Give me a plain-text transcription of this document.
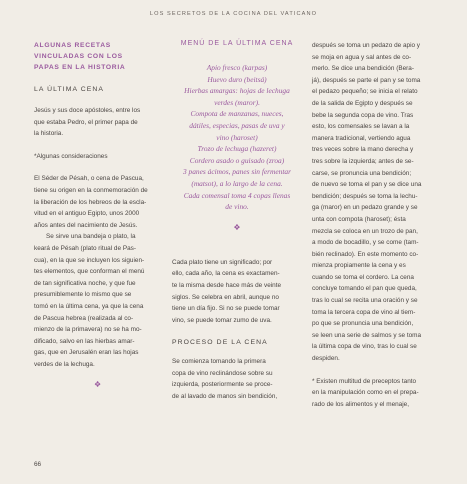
LOS SECRETOS DE LA COCINA DEL VATICANO

ALGUNAS RECETAS

VINCULADAS CON LOS

PAPAS EN LA HISTORIA

LA ÚLTIMA CENA

Jesús y sus doce apóstoles, entre los

que estaba Pedro, el primer papa de

la historia.

*Algunas consideraciones

El Séder de Pésah, o cena de Pascua,

tiene su origen en la conmemoración de

la liberación de los hebreos de la escla-

vitud en el antiguo Egipto, unos 2000

años antes del nacimiento de Jesús.

Se sirve una bandeja o plato, la

keará de Pésah (plato ritual de Pas-

cua), en la que se incluyen los siguien-

tes elementos, que conforman el menú

de tan significativa noche, y que fue

presumiblemente lo mismo que se

tomó en la última cena, ya que la cena

de Pascua hebrea (realizada al co-

mienzo de la primavera) no se ha mo-

dificado, salvo en las hierbas amar-

gas, que en Jerusalén eran las hojas

verdes de la lechuga.

❖

MENÚ DE LA ÚLTIMA CENA

Apio fresco (karpas)

Huevo duro (beitsá)

Hierbas amargas: hojas de lechuga

verdes (maror).

Compota de manzanas, nueces,

dátiles, especias, pasas de uva y

vino (haroset)

Trozo de lechuga (hazeret)

Cordero asado o guisado (zroa)

3 panes ácimos, panes sin fermentar

(matsot), a lo largo de la cena.

Cada comensal toma 4 copas llenas

de vino.

❖

Cada plato tiene un significado; por

ello, cada año, la cena es exactamen-

te la misma desde hace más de veinte

siglos. Se celebra en abril, aunque no

tiene un día fijo. Si no se puede tomar

vino, se puede tomar zumo de uva.

PROCESO DE LA CENA

Se comienza tomando la primera

copa de vino reclinándose sobre su

izquierda, posteriormente se proce-

de al lavado de manos sin bendición,

después se toma un pedazo de apio y

se moja en agua y sal antes de co-

merlo. Se dice una bendición (Bera-

já), después se parte el pan y se toma

el pedazo pequeño; se inicia el relato

de la salida de Egipto y después se

bebe la segunda copa de vino. Tras

esto, los comensales se lavan a la

manera tradicional, vertiendo agua

tres veces sobre la mano derecha y

tres sobre la izquierda; antes de se-

carse, se pronuncia una bendición;

de nuevo se toma el pan y se dice una

bendición; después se toma la lechu-

ga (maror) en un pedazo grande y se

unta con compota (haroset); ésta

mezcla se coloca en un trozo de pan,

a modo de bocadillo, y se come (tam-

bién reclinado). En este momento co-

mienza propiamente la cena y es

cuando se toma el cordero. La cena

concluye tomando el pan que queda,

tras lo cual se recita una oración y se

toma la tercera copa de vino al tiem-

po que se pronuncia una bendición,

se leen una serie de salmos y se toma

la última copa de vino, tras lo cual se

despiden.

* Existen multitud de preceptos tanto

en la manipulación como en el prepa-

rado de los alimentos y el menaje,

66
